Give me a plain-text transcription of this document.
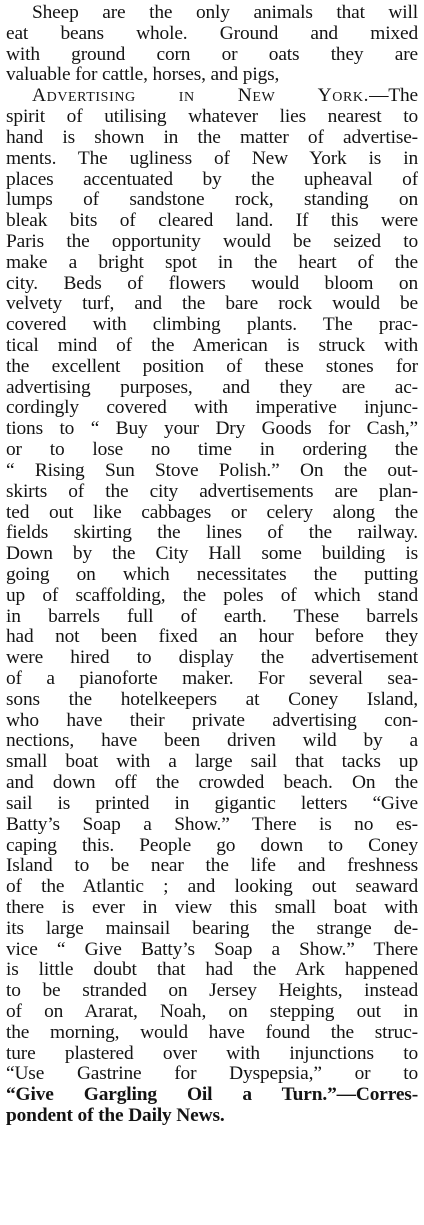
Sheep are the only animals that will
eat beans whole. Ground and mixed
with ground corn or oats they are
valuable for cattle, horses, and pigs,
Advertising in New York.—The
spirit of utilising whatever lies nearest to
hand is shown in the matter of advertise-
ments. The ugliness of New York is in
places accentuated by the upheaval of
lumps of sandstone rock, standing on
bleak bits of cleared land. If this were
Paris the opportunity would be seized to
make a bright spot in the heart of the
city. Beds of flowers would bloom on
velvety turf, and the bare rock would be
covered with climbing plants. The prac-
tical mind of the American is struck with
the excellent position of these stones for
advertising purposes, and they are ac-
cordingly covered with imperative injunc-
tions to “ Buy your Dry Goods for Cash,”
or to lose no time in ordering the
“ Rising Sun Stove Polish.” On the out-
skirts of the city advertisements are plan-
ted out like cabbages or celery along the
fields skirting the lines of the railway.
Down by the City Hall some building is
going on which necessitates the putting
up of scaffolding, the poles of which stand
in barrels full of earth. These barrels
had not been fixed an hour before they
were hired to display the advertisement
of a pianoforte maker. For several sea-
sons the hotelkeepers at Coney Island,
who have their private advertising con-
nections, have been driven wild by a
small boat with a large sail that tacks up
and down off the crowded beach. On the
sail is printed in gigantic letters “Give
Batty’s Soap a Show.” There is no es-
caping this. People go down to Coney
Island to be near the life and freshness
of the Atlantic ; and looking out seaward
there is ever in view this small boat with
its large mainsail bearing the strange de-
vice “ Give Batty’s Soap a Show.” There
is little doubt that had the Ark happened
to be stranded on Jersey Heights, instead
of on Ararat, Noah, on stepping out in
the morning, would have found the struc-
ture plastered over with injunctions to
“Use Gastrine for Dyspepsia,” or to
“Give Gargling Oil a Turn.”—Corres-
pondent of the Daily News.
